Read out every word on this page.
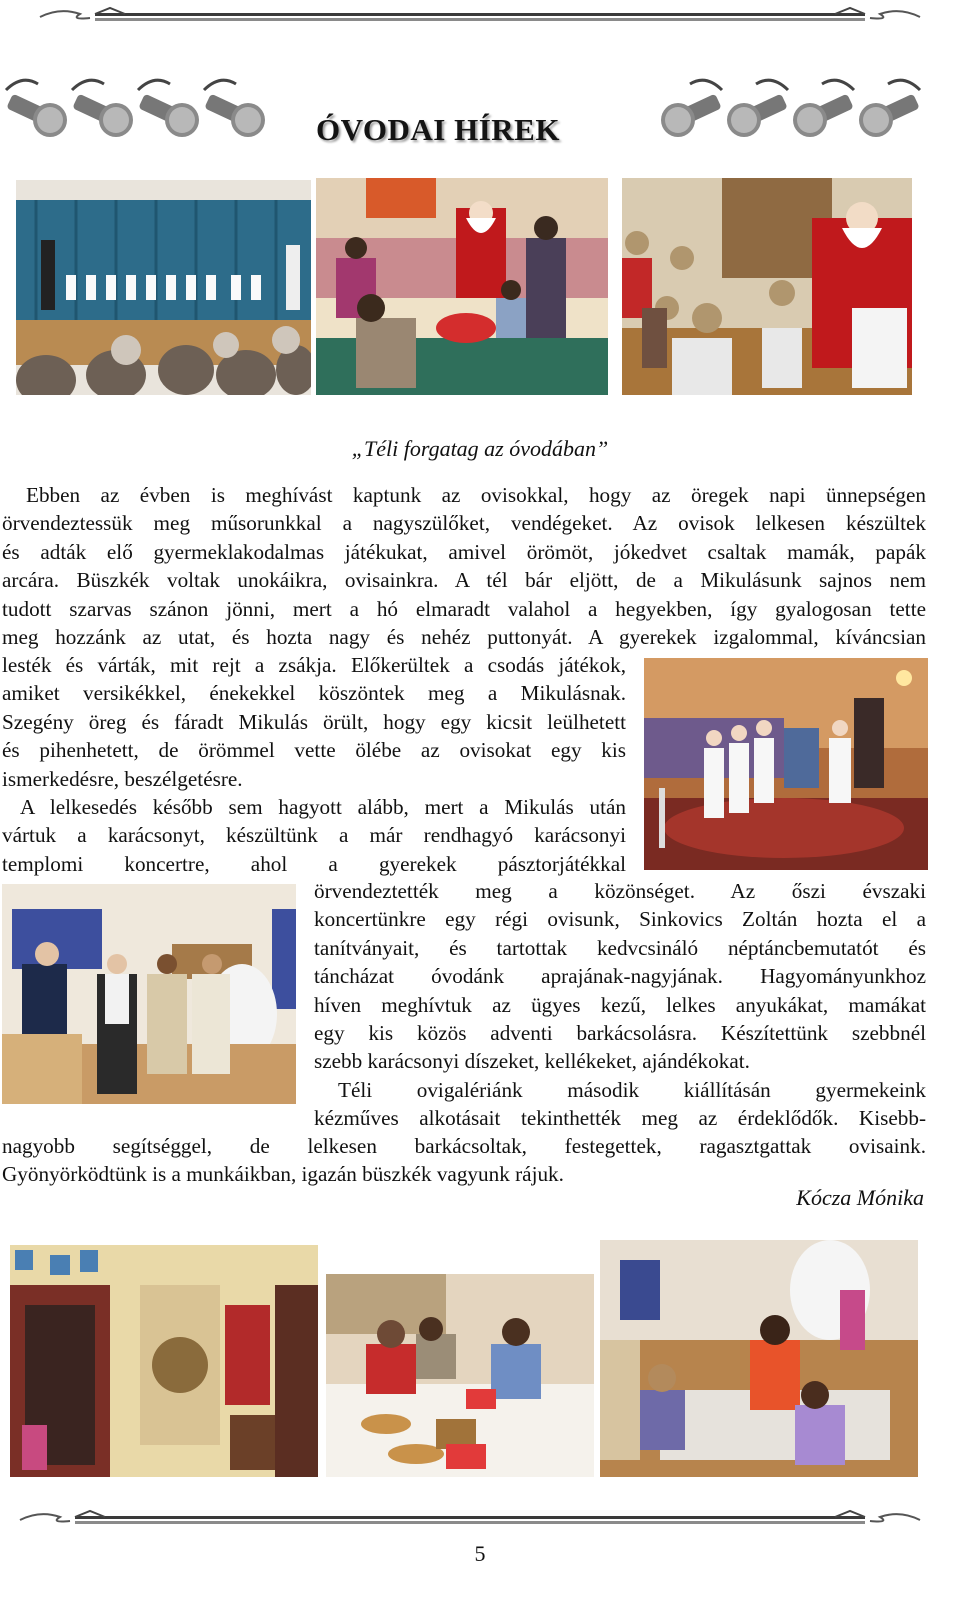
ÓVODAI HÍREK
„Téli forgatag az óvodában”
Ebben az évben is meghívást kaptunk az ovisokkal, hogy az öregek napi ünnepségen
örvendeztessük meg műsorunkkal a nagyszülőket, vendégeket. Az ovisok lelkesen készültek
és adták elő gyermeklakodalmas játékukat, amivel örömöt, jókedvet csaltak mamák, papák
arcára. Büszkék voltak unokáikra, ovisainkra. A tél bár eljött, de a Mikulásunk sajnos nem
tudott szarvas szánon jönni, mert a hó elmaradt valahol a hegyekben, így gyalogosan tette
meg hozzánk az utat, és hozta nagy és nehéz puttonyát. A gyerekek izgalommal, kíváncsian
lesték és várták, mit rejt a zsákja. Előkerültek a csodás játékok,
amiket versikékkel, énekekkel köszöntek meg a Mikulásnak.
Szegény öreg és fáradt Mikulás örült, hogy egy kicsit leülhetett
és pihenhetett, de örömmel vette ölébe az ovisokat egy kis
ismerkedésre, beszélgetésre.
A lelkesedés később sem hagyott alább, mert a Mikulás után
vártuk a karácsonyt, készültünk a már rendhagyó karácsonyi
templomi koncertre, ahol a gyerekek pásztorjátékkal
örvendeztették meg a közönséget. Az őszi évszaki
koncertünkre egy régi ovisunk, Sinkovics Zoltán hozta el a
tanítványait, és tartottak kedvcsináló néptáncbemutatót és
táncházat óvodánk aprajának-nagyjának. Hagyományunkhoz
híven meghívtuk az ügyes kezű, lelkes anyukákat, mamákat
egy kis közös adventi barkácsolásra. Készítettünk szebbnél
szebb karácsonyi díszeket, kellékeket, ajándékokat.
Téli ovigalériánk második kiállításán gyermekeink
kézműves alkotásait tekinthették meg az érdeklődők. Kisebb-
nagyobb segítséggel, de lelkesen barkácsoltak, festegettek, ragasztgattak ovisaink.
Gyönyörködtünk is a munkáikban, igazán büszkék vagyunk rájuk.
Kócza Mónika
5
